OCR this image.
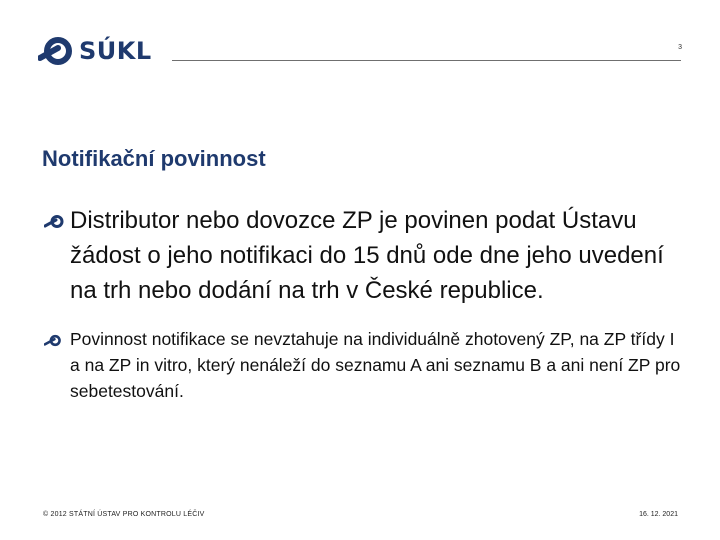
SÚKL	3
Notifikační povinnost
Distributor nebo dovozce ZP je povinen podat Ústavu žádost o jeho notifikaci do 15 dnů ode dne jeho uvedení na trh nebo dodání na trh v České republice.
Povinnost notifikace se nevztahuje na individuálně zhotovený ZP, na ZP třídy I a na ZP in vitro, který nenáleží do seznamu A ani seznamu B a ani není ZP pro sebetestování.
© 2012 STÁTNÍ ÚSTAV PRO KONTROLU LÉČIV	16. 12. 2021
